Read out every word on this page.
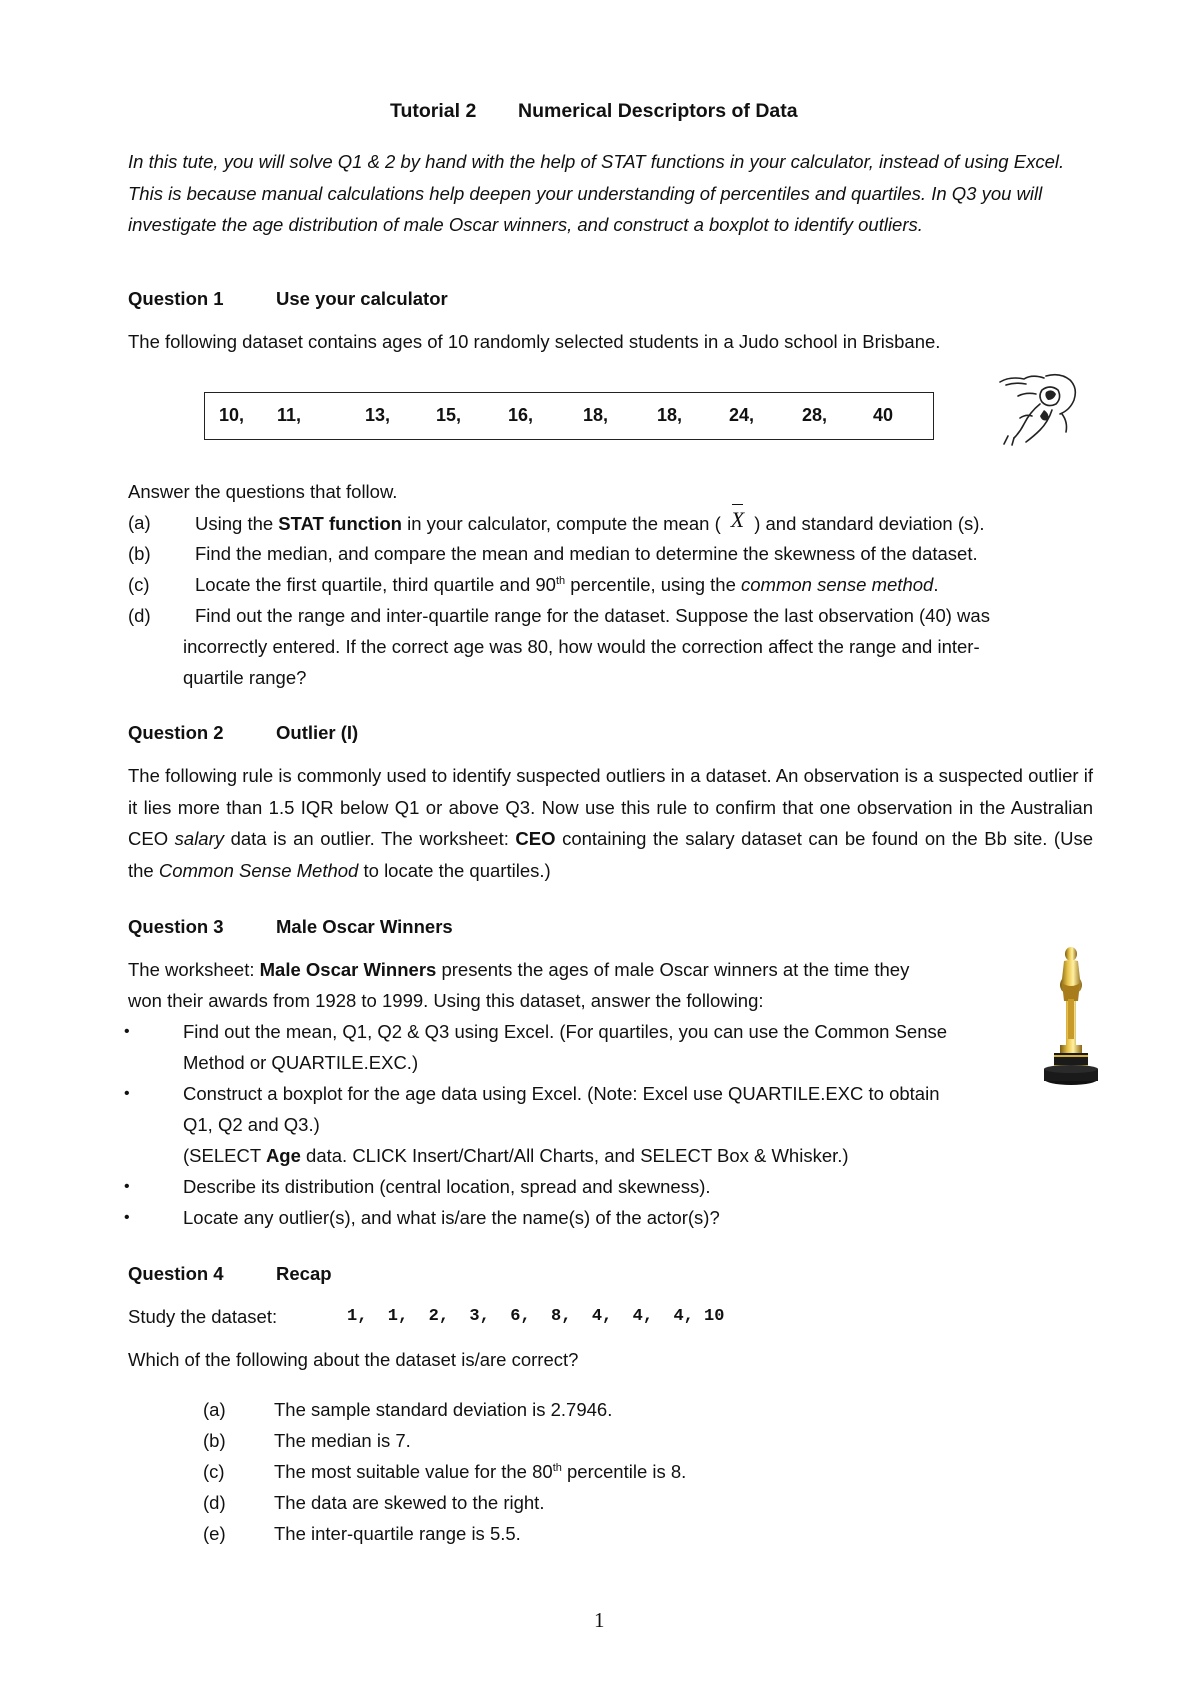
Tutorial 2 Numerical Descriptors of Data
In this tute, you will solve Q1 & 2 by hand with the help of STAT functions in your calculator, instead of using Excel. This is because manual calculations help deepen your understanding of percentiles and quartiles. In Q3 you will investigate the age distribution of male Oscar winners, and construct a boxplot to identify outliers.
Question 1	Use your calculator
The following dataset contains ages of 10 randomly selected students in a Judo school in Brisbane.
10, 11,	13,	15,	16,	18,	18,	24,	28,	40
Answer the questions that follow.
(a) Using the STAT function in your calculator, compute the mean ( X ) and standard deviation (s).
(b) Find the median, and compare the mean and median to determine the skewness of the dataset.
(c) Locate the first quartile, third quartile and 90th percentile, using the common sense method.
(d) Find out the range and inter-quartile range for the dataset. Suppose the last observation (40) was
incorrectly entered. If the correct age was 80, how would the correction affect the range and inter-
quartile range?
Question 2	Outlier (I)
The following rule is commonly used to identify suspected outliers in a dataset. An observation is a suspected outlier if it lies more than 1.5 IQR below Q1 or above Q3. Now use this rule to confirm that one observation in the Australian CEO salary data is an outlier. The worksheet: CEO containing the salary dataset can be found on the Bb site. (Use the Common Sense Method to locate the quartiles.)
Question 3	Male Oscar Winners
The worksheet: Male Oscar Winners presents the ages of male Oscar winners at the time they
won their awards from 1928 to 1999. Using this dataset, answer the following:
•	Find out the mean, Q1, Q2 & Q3 using Excel. (For quartiles, you can use the Common Sense
Method or QUARTILE.EXC.)
•	Construct a boxplot for the age data using Excel. (Note: Excel use QUARTILE.EXC to obtain
Q1, Q2 and Q3.)
(SELECT Age data. CLICK Insert/Chart/All Charts, and SELECT Box & Whisker.)
•	Describe its distribution (central location, spread and skewness).
•	Locate any outlier(s), and what is/are the name(s) of the actor(s)?
Question 4	Recap
Study the dataset:	1,  1,  2,  3,  6,  8,  4,  4,  4, 10
Which of the following about the dataset is/are correct?
(a)	The sample standard deviation is 2.7946.
(b)	The median is 7.
(c)	The most suitable value for the 80th percentile is 8.
(d)	The data are skewed to the right.
(e)	The inter-quartile range is 5.5.
1
